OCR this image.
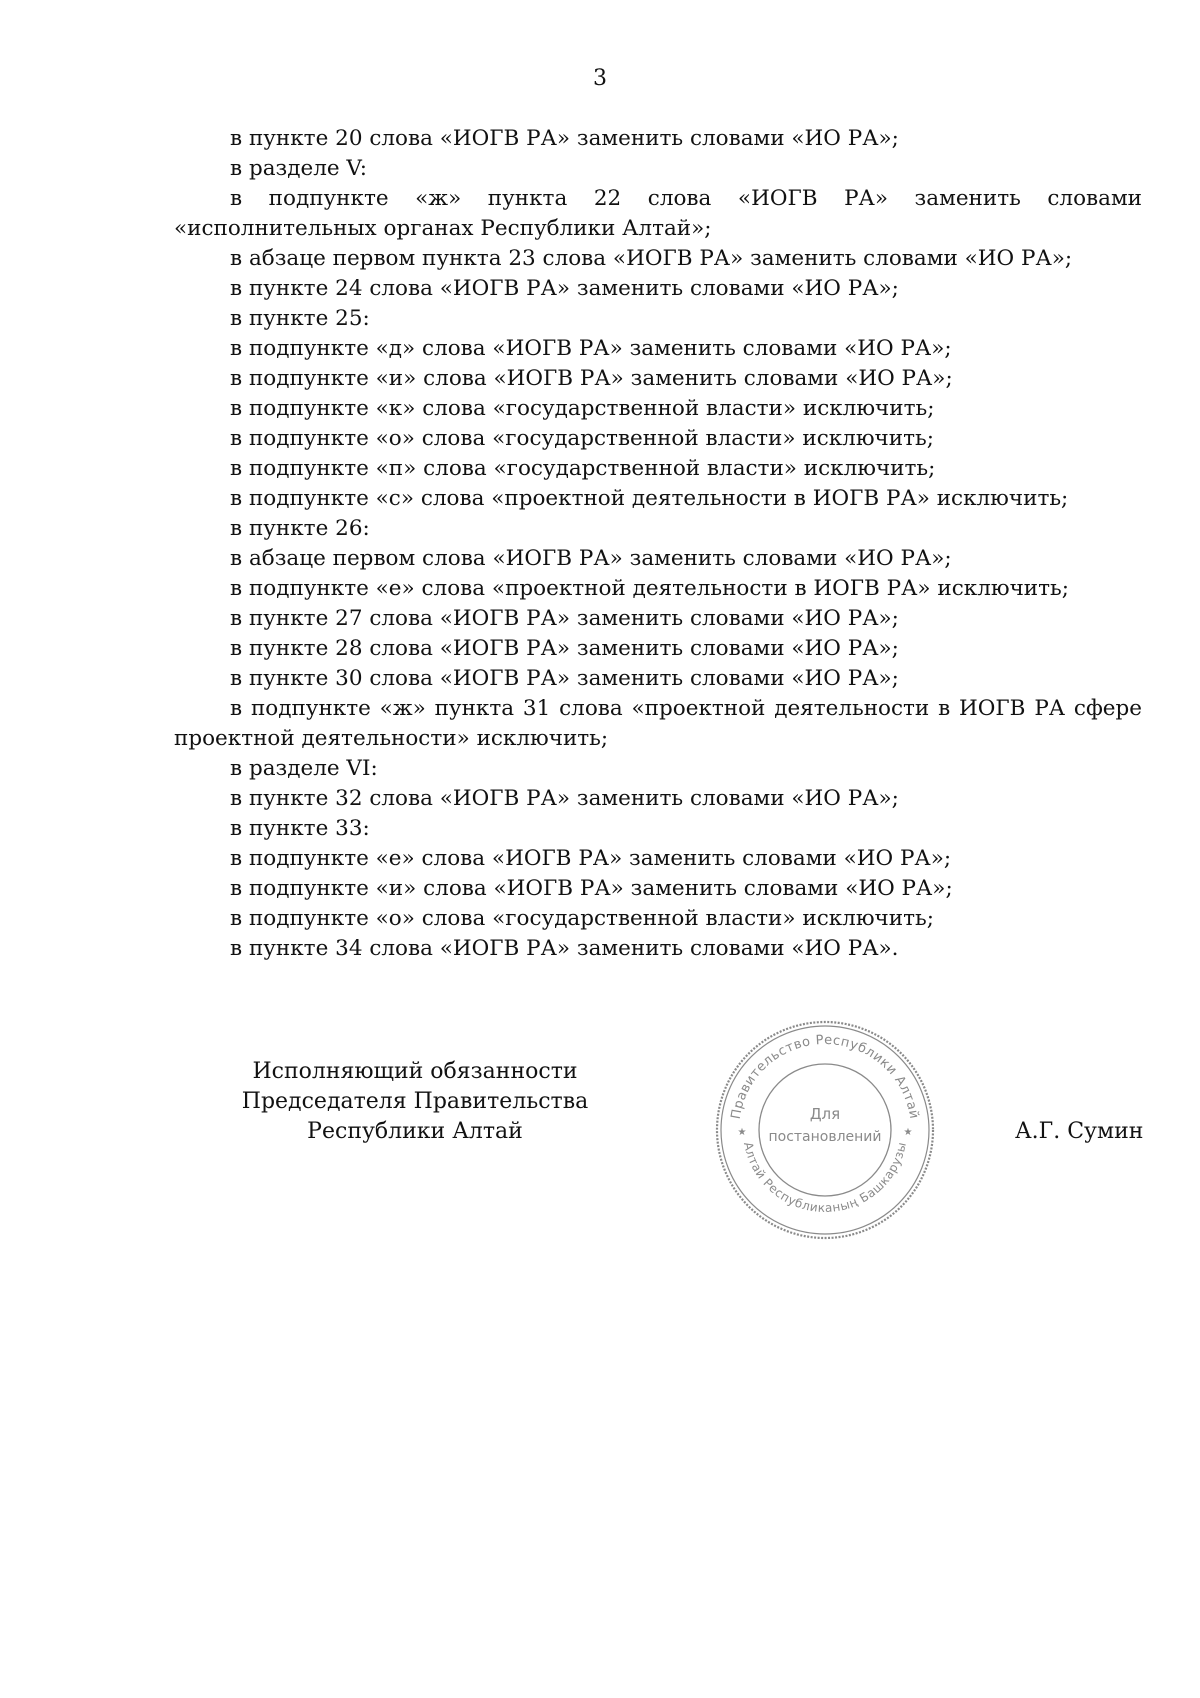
3

в пункте 20 слова «ИОГВ РА» заменить словами «ИО РА»;

в разделе V:

в подпункте «ж» пункта 22 слова «ИОГВ РА» заменить словами «исполнительных органах Республики Алтай»;

в абзаце первом пункта 23 слова «ИОГВ РА» заменить словами «ИО РА»;

в пункте 24 слова «ИОГВ РА» заменить словами «ИО РА»;

в пункте 25:

в подпункте «д» слова «ИОГВ РА» заменить словами «ИО РА»;

в подпункте «и» слова «ИОГВ РА» заменить словами «ИО РА»;

в подпункте «к» слова «государственной власти» исключить;

в подпункте «о» слова «государственной власти» исключить;

в подпункте «п» слова «государственной власти» исключить;

в подпункте «с» слова «проектной деятельности в ИОГВ РА» исключить;

в пункте 26:

в абзаце первом слова «ИОГВ РА» заменить словами «ИО РА»;

в подпункте «е» слова «проектной деятельности в ИОГВ РА» исключить;

в пункте 27 слова «ИОГВ РА» заменить словами «ИО РА»;

в пункте 28 слова «ИОГВ РА» заменить словами «ИО РА»;

в пункте 30 слова «ИОГВ РА» заменить словами «ИО РА»;

в подпункте «ж» пункта 31 слова «проектной деятельности в ИОГВ РА сфере проектной деятельности» исключить;

в разделе VI:

в пункте 32 слова «ИОГВ РА» заменить словами «ИО РА»;

в пункте 33:

в подпункте «е» слова «ИОГВ РА» заменить словами «ИО РА»;

в подпункте «и» слова «ИОГВ РА» заменить словами «ИО РА»;

в подпункте «о» слова «государственной власти» исключить;

в пункте 34 слова «ИОГВ РА» заменить словами «ИО РА».

Исполняющий обязанности
Председателя Правительства
Республики Алтай
Правительство Республики Алтай
Алтай Республиканың Башкарузы
★	★
Для
постановлений	А.Г. Сумин
